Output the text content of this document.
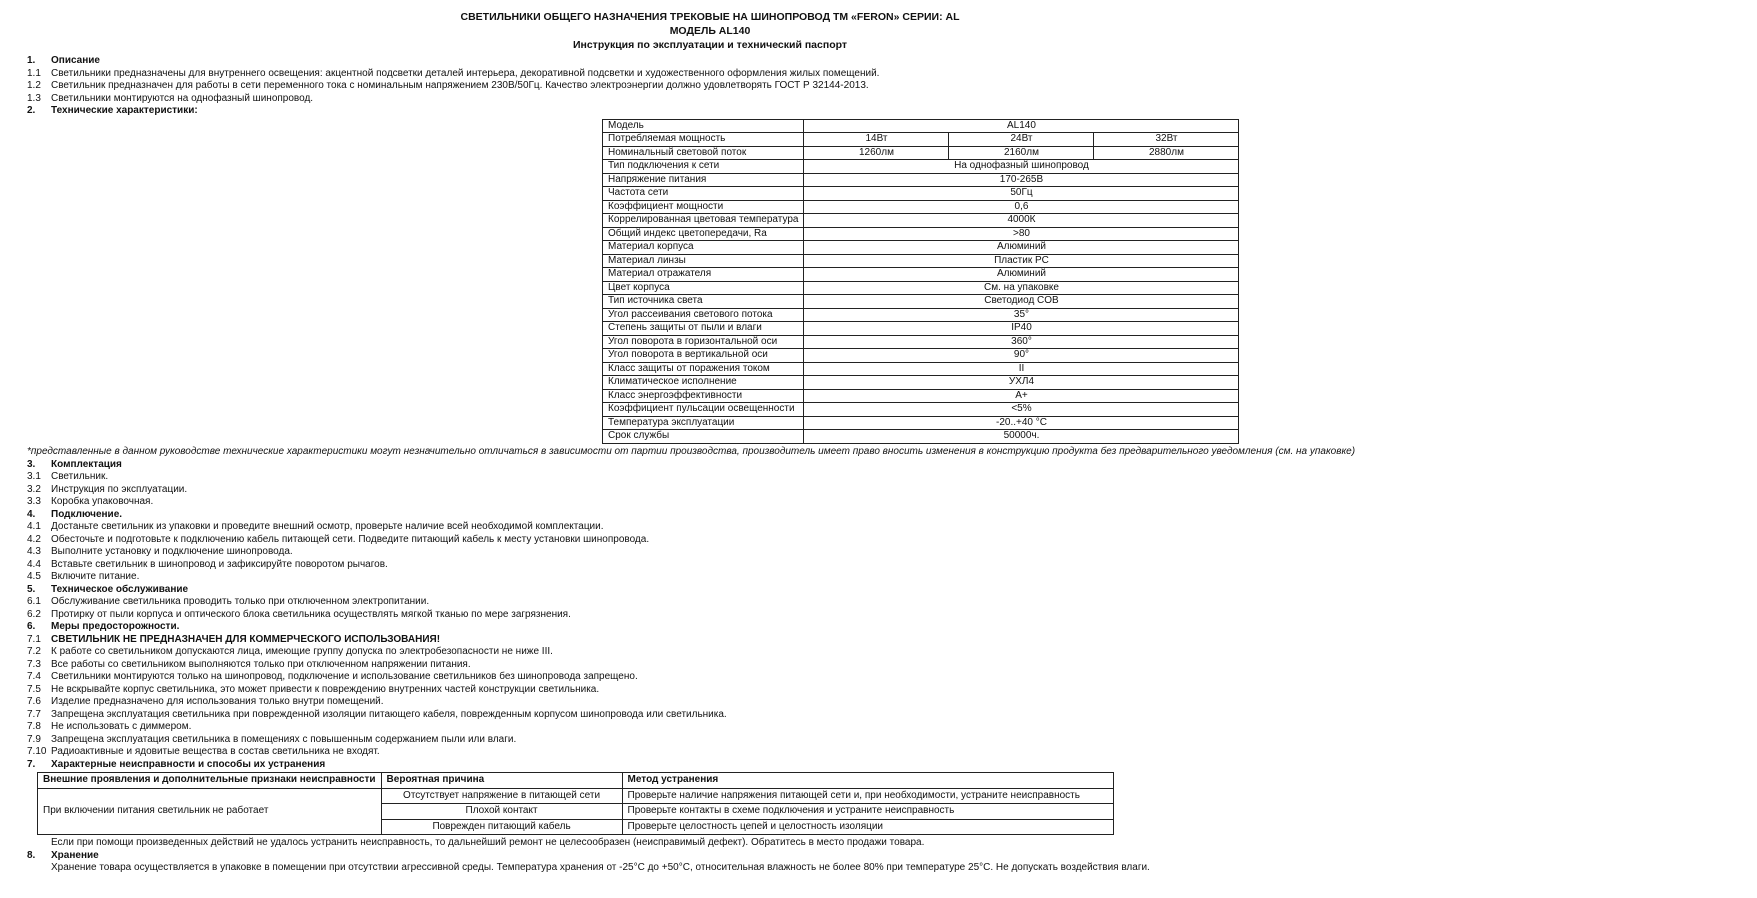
СВЕТИЛЬНИКИ ОБЩЕГО НАЗНАЧЕНИЯ ТРЕКОВЫЕ НА ШИНОПРОВОД ТМ «FERON» СЕРИИ: AL
МОДЕЛЬ AL140
Инструкция по эксплуатации и технический паспорт
1. Описание
1.1 Светильники предназначены для внутреннего освещения: акцентной подсветки деталей интерьера, декоративной подсветки и художественного оформления жилых помещений.
1.2 Светильник предназначен для работы в сети переменного тока с номинальным напряжением 230В/50Гц. Качество электроэнергии должно удовлетворять ГОСТ Р 32144-2013.
1.3 Светильники монтируются на однофазный шинопровод.
2. Технические характеристики:
Модель	AL140		
Потребляемая мощность	14Вт	24Вт	32Вт
Номинальный световой поток	1260лм	2160лм	2880лм
Тип подключения к сети	На однофазный шинопровод		
Напряжение питания	170-265В		
Частота сети	50Гц		
Коэффициент мощности	0,6		
Коррелированная цветовая температура	4000К		
Общий индекс цветопередачи, Ra	>80		
Материал корпуса	Алюминий		
Материал линзы	Пластик PC		
Материал отражателя	Алюминий		
Цвет корпуса	См. на упаковке		
Тип источника света	Светодиод COB		
Угол рассеивания светового потока	35°		
Степень защиты от пыли и влаги	IP40		
Угол поворота в горизонтальной оси	360°		
Угол поворота в вертикальной оси	90°		
Класс защиты от поражения током	II		
Климатическое исполнение	УХЛ4		
Класс энергоэффективности	A+		
Коэффициент пульсации освещенности	<5%		
Температура эксплуатации	-20..+40 °C		
Срок службы	50000ч.		
*представленные в данном руководстве технические характеристики могут незначительно отличаться в зависимости от партии производства, производитель имеет право вносить изменения в конструкцию продукта без предварительного уведомления (см. на упаковке)
3. Комплектация
3.1 Светильник.
3.2 Инструкция по эксплуатации.
3.3 Коробка упаковочная.
4. Подключение.
4.1 Достаньте светильник из упаковки и проведите внешний осмотр, проверьте наличие всей необходимой комплектации.
4.2 Обесточьте и подготовьте к подключению кабель питающей сети. Подведите питающий кабель к месту установки шинопровода.
4.3 Выполните установку и подключение шинопровода.
4.4 Вставьте светильник в шинопровод и зафиксируйте поворотом рычагов.
4.5 Включите питание.
5. Техническое обслуживание
6.1 Обслуживание светильника проводить только при отключенном электропитании.
6.2 Протирку от пыли корпуса и оптического блока светильника осуществлять мягкой тканью по мере загрязнения.
6. Меры предосторожности.
7.1 СВЕТИЛЬНИК НЕ ПРЕДНАЗНАЧЕН ДЛЯ КОММЕРЧЕСКОГО ИСПОЛЬЗОВАНИЯ!
7.2 К работе со светильником допускаются лица, имеющие группу допуска по электробезопасности не ниже III.
7.3 Все работы со светильником выполняются только при отключенном напряжении питания.
7.4 Светильники монтируются только на шинопровод, подключение и использование светильников без шинопровода запрещено.
7.5 Не вскрывайте корпус светильника, это может привести к повреждению внутренних частей конструкции светильника.
7.6 Изделие предназначено для использования только внутри помещений.
7.7 Запрещена эксплуатация светильника при поврежденной изоляции питающего кабеля, поврежденным корпусом шинопровода или светильника.
7.8 Не использовать с диммером.
7.9 Запрещена эксплуатация светильника в помещениях с повышенным содержанием пыли или влаги.
7.10 Радиоактивные и ядовитые вещества в состав светильника не входят.
7. Характерные неисправности и способы их устранения
Внешние проявления и дополнительные признаки неисправности	Вероятная причина	Метод устранения
При включении питания светильник не работает	Отсутствует напряжение в питающей сети	Проверьте наличие напряжения питающей сети и, при необходимости, устраните неисправность
	Плохой контакт	Проверьте контакты в схеме подключения и устраните неисправность
	Поврежден питающий кабель	Проверьте целостность цепей и целостность изоляции
Если при помощи произведенных действий не удалось устранить неисправность, то дальнейший ремонт не целесообразен (неисправимый дефект). Обратитесь в место продажи товара.
8. Хранение
Хранение товара осуществляется в упаковке в помещении при отсутствии агрессивной среды. Температура хранения от -25°C до +50°C, относительная влажность не более 80% при температуре 25°C. Не допускать воздействия влаги.
